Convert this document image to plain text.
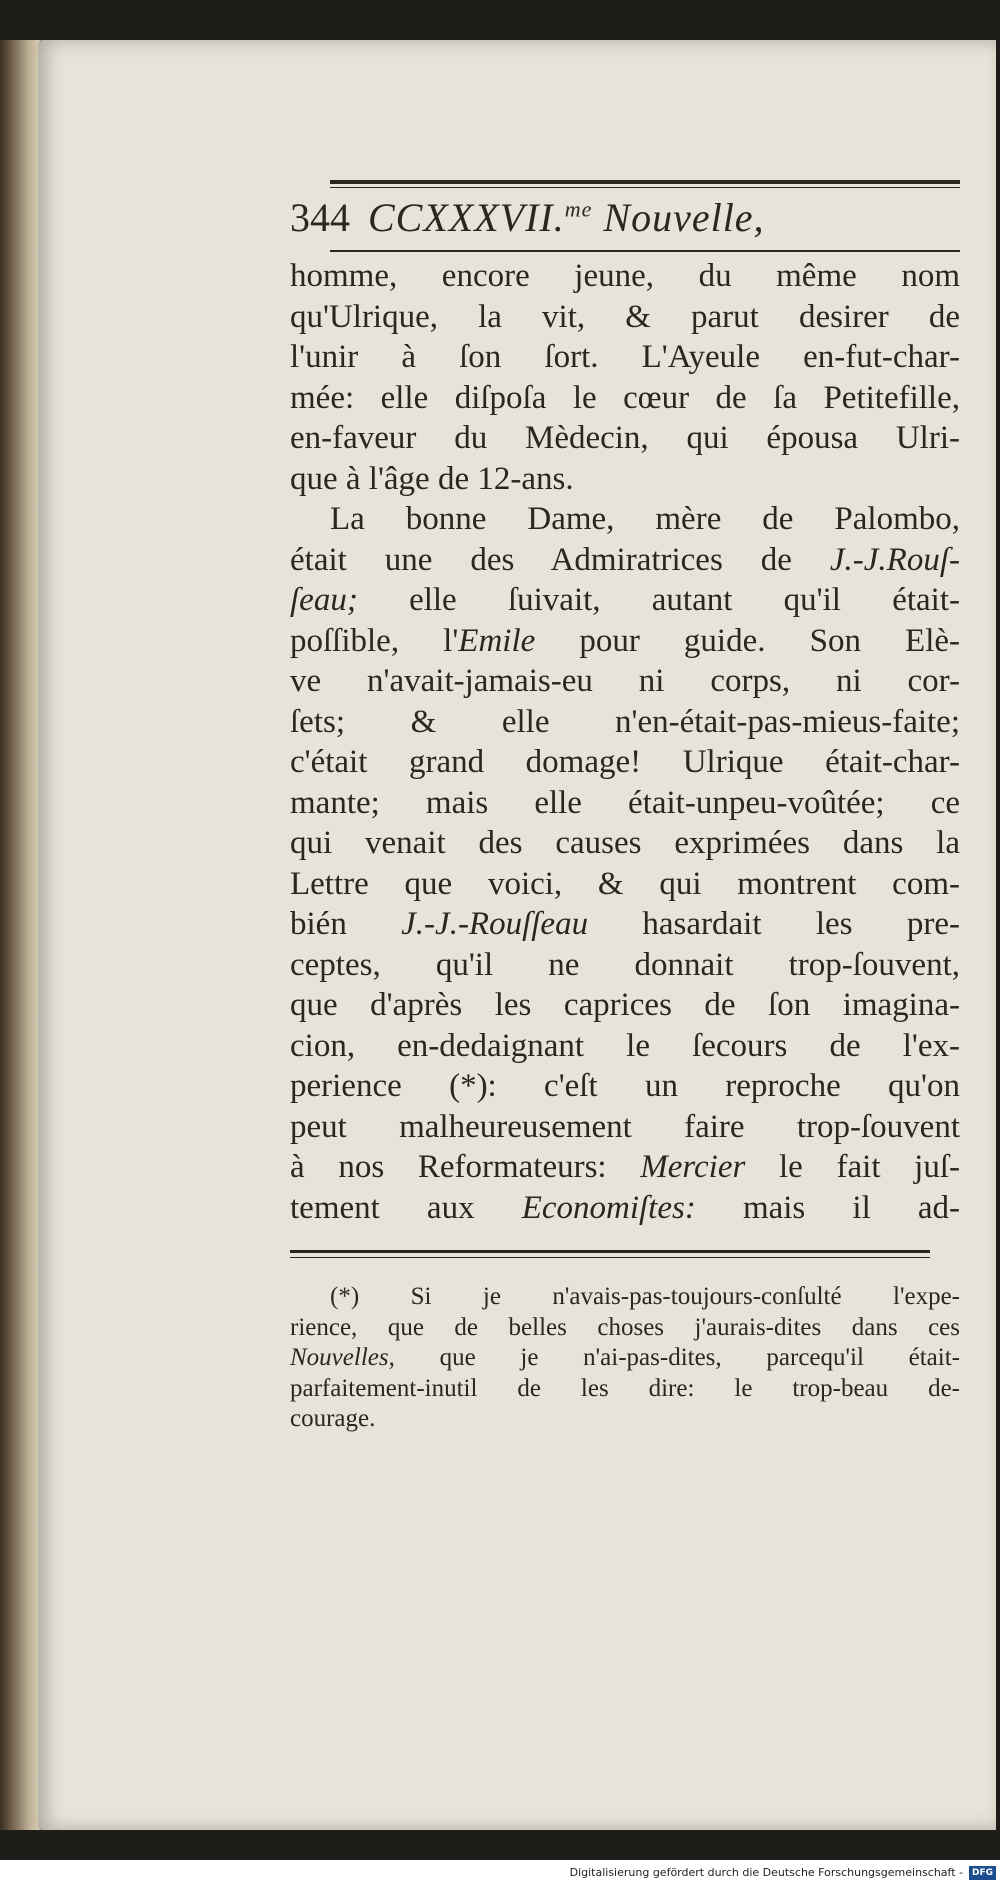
344 CCXXXVII.$^{me}$ Nouvelle,
homme, encore jeune, du même nom
qu'Ulrique, la vit, & parut desirer de
l'unir à ſon ſort. L'Ayeule en-fut-char-
mée: elle diſpoſa le cœur de ſa Petitefille,
en-faveur du Mèdecin, qui épousa Ulri-
que à l'âge de 12-ans.
La bonne Dame, mère de Palombo,
était une des Admiratrices de J.-J.Rouſ-
ſeau; elle ſuivait, autant qu'il était-
poſſible, l'Emile pour guide. Son Elè-
ve n'avait-jamais-eu ni corps, ni cor-
ſets; & elle n'en-était-pas-mieus-faite;
c'était grand domage! Ulrique était-char-
mante; mais elle était-unpeu-voûtée; ce
qui venait des causes exprimées dans la
Lettre que voici, & qui montrent com-
bién J.-J.-Rouſſeau hasardait les pre-
ceptes, qu'il ne donnait trop-ſouvent,
que d'après les caprices de ſon imagina-
cion, en-dedaignant le ſecours de l'ex-
perience (*): c'eſt un reproche qu'on
peut malheureusement faire trop-ſouvent
à nos Reformateurs: Mercier le fait juſ-
tement aux Economiſtes: mais il ad-
(*) Si je n'avais-pas-toujours-conſulté l'expe-
rience, que de belles choses j'aurais-dites dans ces
Nouvelles, que je n'ai-pas-dites, parcequ'il était-
parfaitement-inutil de les dire: le trop-beau de-
courage.
Digitalisierung gefördert durch die Deutsche Forschungsgemeinschaft - DFG
